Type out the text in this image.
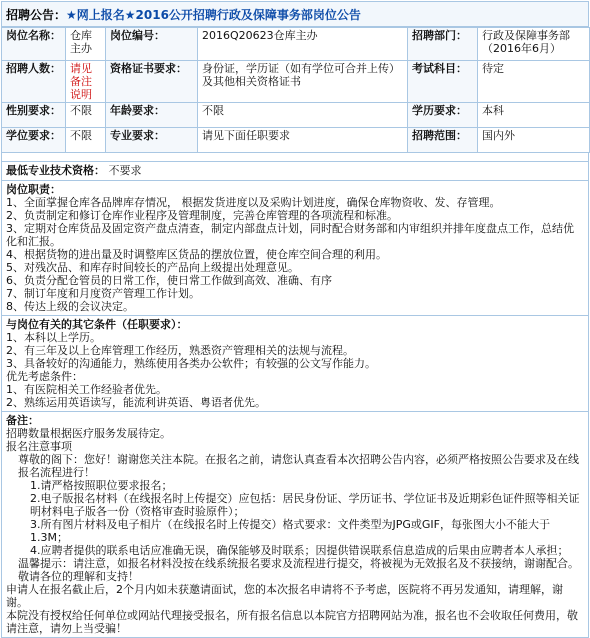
招聘公告： ★网上报名★2016公开招聘行政及保障事务部岗位公告
岗位名称：	仓库主办	岗位编号：	2016Q20623仓库主办	招聘部门：	行政及保障事务部（2016年6月）
招聘人数：	请见备注说明	资格证书要求：	身份证，学历证（如有学位可合并上传）及其他相关资格证书	考试科目：	待定
性别要求：	不限	年龄要求：	不限	学历要求：	本科
学位要求：	不限	专业要求：	请见下面任职要求	招聘范围：	国内外
最低专业技术资格： 不要求

岗位职责：

1、全面掌握仓库各品牌库存情况， 根据发货进度以及采购计划进度，确保仓库物资收、发、存管理。

2、负责制定和修订仓库作业程序及管理制度，完善仓库管理的各项流程和标准。

3、定期对仓库货品及固定资产盘点清查，制定内部盘点计划，同时配合财务部和内审组织并排年度盘点工作，总结优化和汇报。

4、根据货物的进出量及时调整库区货品的摆放位置，使仓库空间合理的利用。

5、对残次品、和库存时间较长的产品向上级提出处理意见。

6、负责分配仓管员的日常工作，使日常工作做到高效、准确、有序

7、制订年度和月度资产管理工作计划。

8、传达上级的会议决定。

与岗位有关的其它条件（任职要求）：

1、本科以上学历。

2、有三年及以上仓库管理工作经历，熟悉资产管理相关的法规与流程。

3、具备较好的沟通能力，熟练使用各类办公软件；有较强的公文写作能力。

优先考虑条件：

1、有医院相关工作经验者优先。

2、熟练运用英语读写，能流利讲英语、粤语者优先。

备注：

招聘数量根据医疗服务发展待定。

报名注意事项

尊敬的阁下：您好！谢谢您关注本院。在报名之前，请您认真查看本次招聘公告内容，必须严格按照公告要求及在线报名流程进行！

1.请严格按照职位要求报名；

2.电子版报名材料（在线报名时上传提交）应包括：居民身份证、学历证书、学位证书及近期彩色证件照等相关证明材料电子版各一份（资格审查时验原件）；

3.所有图片材料及电子相片（在线报名时上传提交）格式要求：文件类型为JPG或GIF，每张图大小不能大于1.3M；

4.应聘者提供的联系电话应准确无误，确保能够及时联系；因提供错误联系信息造成的后果由应聘者本人承担；

温馨提示：请注意，如报名材料没按在线系统报名要求及流程进行提交，将被视为无效报名及不获接纳，谢谢配合。敬请各位的理解和支持！

申请人在报名截止后，2个月内如未获邀请面试，您的本次报名申请将不予考虑，医院将不再另发通知，请理解，谢谢。

本院没有授权给任何单位或网站代理接受报名，所有报名信息以本院官方招聘网站为准，报名也不会收取任何费用，敬请注意，请勿上当受骗！
